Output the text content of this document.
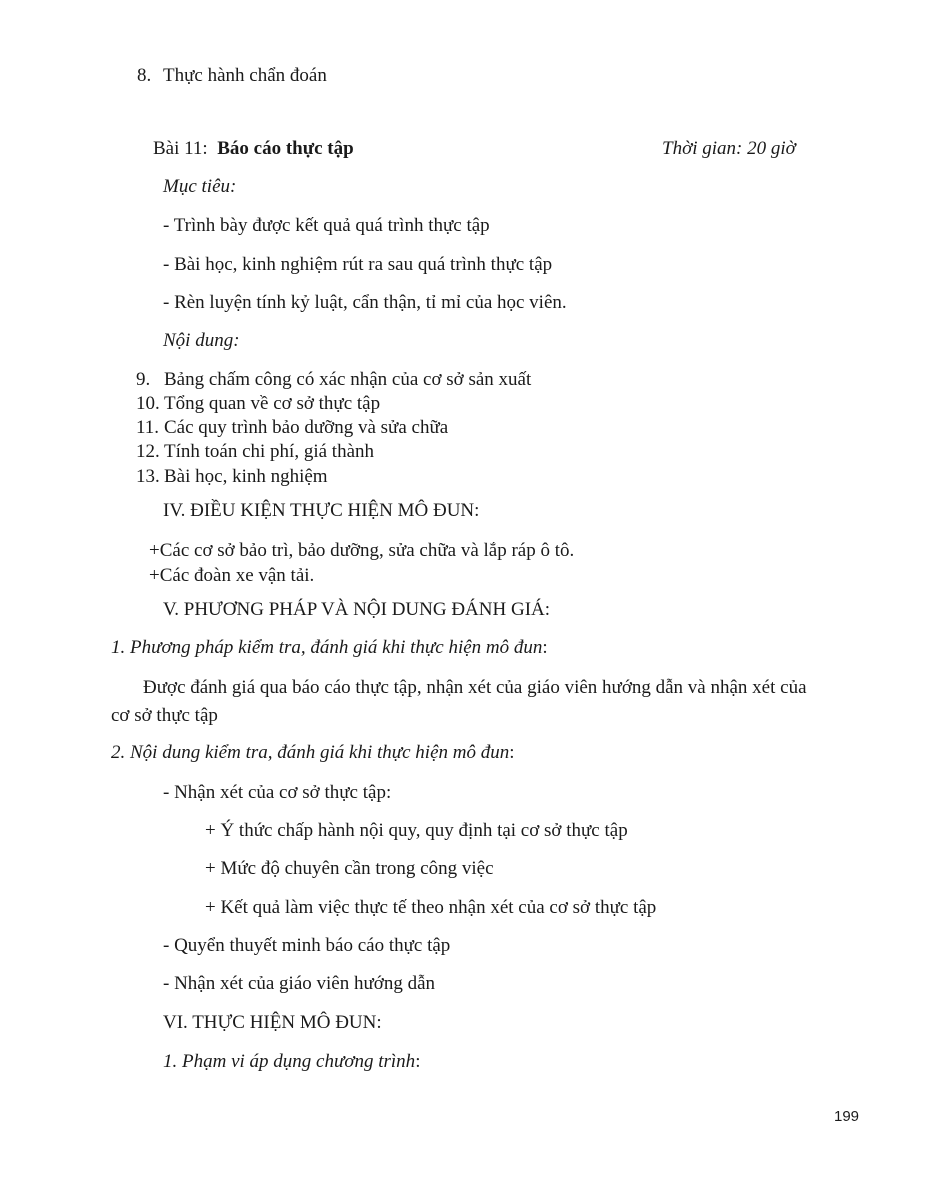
8. Thực hành chẩn đoán
Bài 11: Báo cáo thực tập	Thời gian: 20 giờ
Mục tiêu:
- Trình bày được kết quả quá trình thực tập
- Bài học, kinh nghiệm rút ra sau quá trình thực tập
- Rèn luyện tính kỷ luật, cẩn thận, tỉ mỉ của học viên.
Nội dung:
9. Bảng chấm công có xác nhận của cơ sở sản xuất
10. Tổng quan về cơ sở thực tập
11. Các quy trình bảo dưỡng và sửa chữa
12. Tính toán chi phí, giá thành
13. Bài học, kinh nghiệm
IV. ĐIỀU KIỆN THỰC HIỆN MÔ ĐUN:
+Các cơ sở bảo trì, bảo dưỡng, sửa chữa và lắp ráp ô tô.
+Các đoàn xe vận tải.
V. PHƯƠNG PHÁP VÀ NỘI DUNG ĐÁNH GIÁ:
1. Phương pháp kiểm tra, đánh giá khi thực hiện mô đun:
Được đánh giá qua báo cáo thực tập, nhận xét của giáo viên hướng dẫn và nhận xét của
cơ sở thực tập
2. Nội dung kiểm tra, đánh giá khi thực hiện mô đun:
- Nhận xét của cơ sở thực tập:
+ Ý thức chấp hành nội quy, quy định tại cơ sở thực tập
+ Mức độ chuyên cần trong công việc
+ Kết quả làm việc thực tế theo nhận xét của cơ sở thực tập
- Quyển thuyết minh báo cáo thực tập
- Nhận xét của giáo viên hướng dẫn
VI. THỰC HIỆN MÔ ĐUN:
1. Phạm vi áp dụng chương trình:
199
